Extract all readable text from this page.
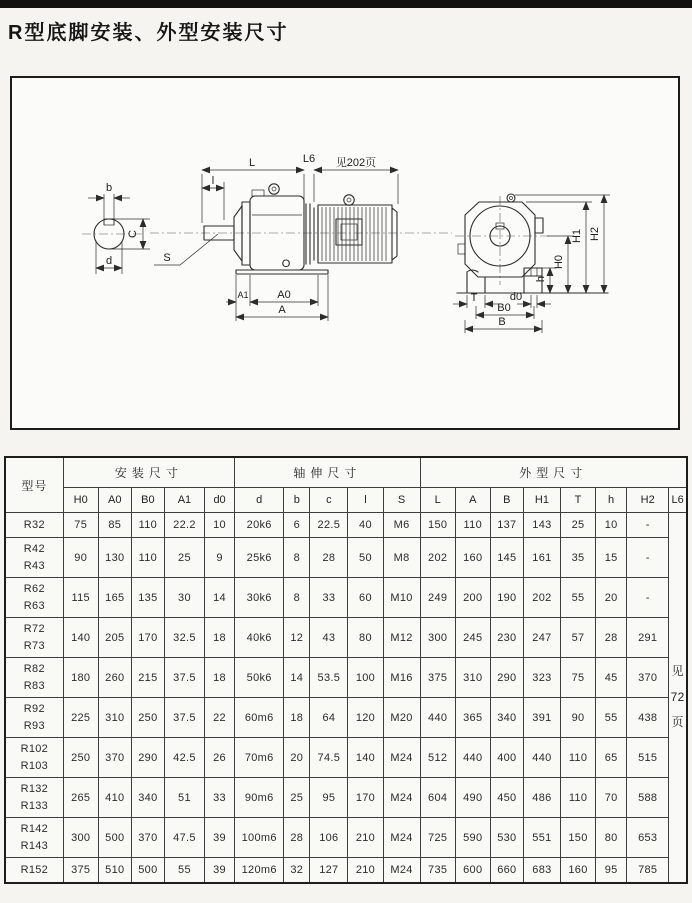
R型底脚安装、外型安装尺寸
b
C
d	S
L	L6 见202页
l
O
A1	A0
A
h
H0
H1 H2
T	d0
B0
B
型号	安装尺寸					轴伸尺寸					外型尺寸							
	H0	A0	B0	A1	d0	d	b	c	l	S	L	A	B	H1	T	h	H2	L6
R32	75	85	110	22.2	10	20k6	6	22.5	40	M6	150	110	137	143	25	10	-	见
72
页
R42
R43	90	130	110	25	9	25k6	8	28	50	M8	202	160	145	161	35	15	-	
R62
R63	115	165	135	30	14	30k6	8	33	60	M10	249	200	190	202	55	20	-	
R72
R73	140	205	170	32.5	18	40k6	12	43	80	M12	300	245	230	247	57	28	291	
R82
R83	180	260	215	37.5	18	50k6	14	53.5	100	M16	375	310	290	323	75	45	370	
R92
R93	225	310	250	37.5	22	60m6	18	64	120	M20	440	365	340	391	90	55	438	
R102
R103	250	370	290	42.5	26	70m6	20	74.5	140	M24	512	440	400	440	110	65	515	
R132
R133	265	410	340	51	33	90m6	25	95	170	M24	604	490	450	486	110	70	588	
R142
R143	300	500	370	47.5	39	100m6	28	106	210	M24	725	590	530	551	150	80	653	
R152	375	510	500	55	39	120m6	32	127	210	M24	735	600	660	683	160	95	785	
